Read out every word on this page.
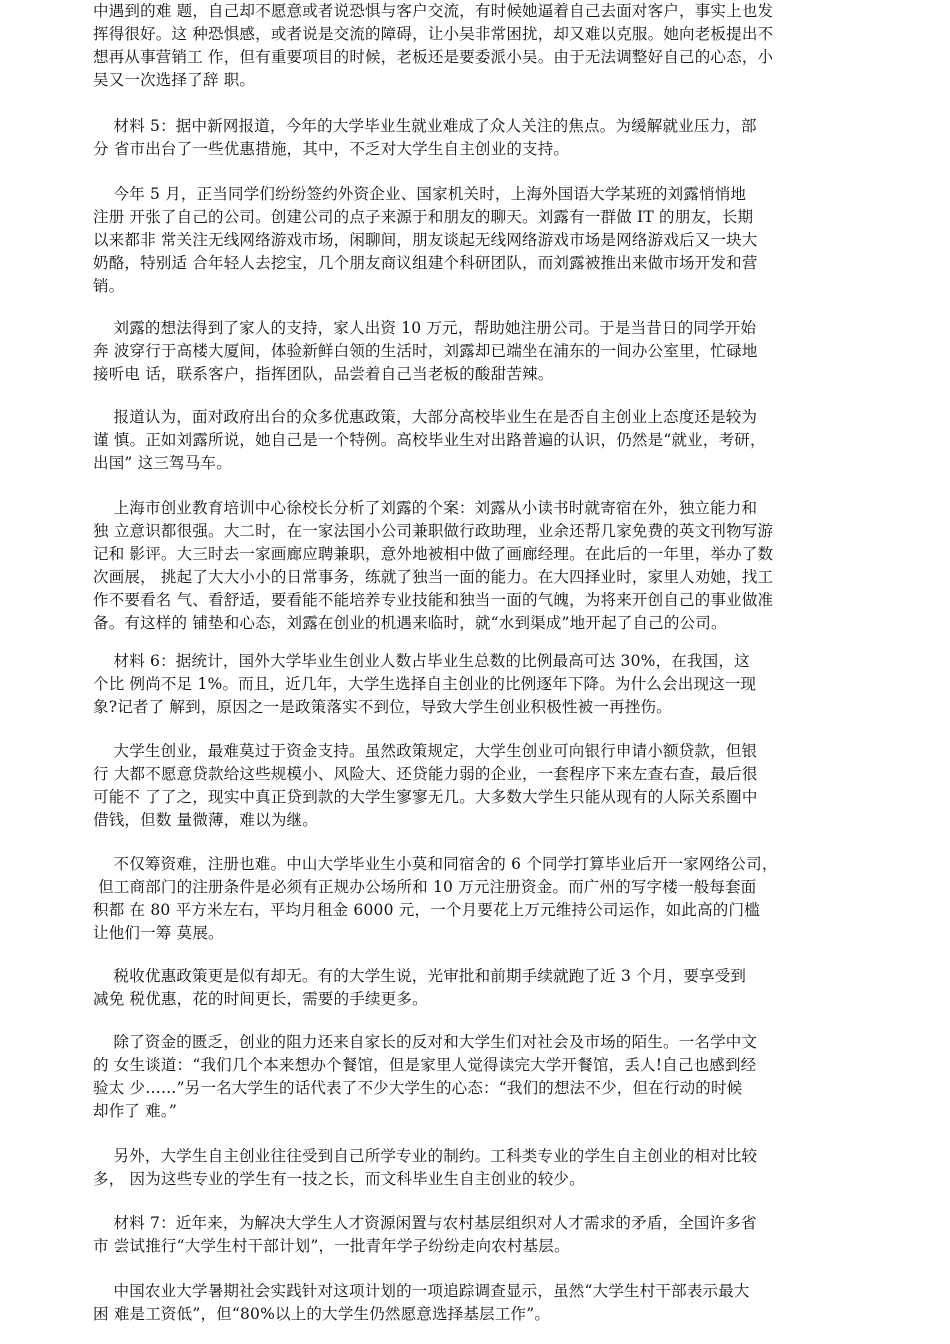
中遇到的难 题，自己却不愿意或者说恐惧与客户交流，有时候她逼着自己去面对客户，事实上也发
挥得很好。这 种恐惧感，或者说是交流的障碍，让小吴非常困扰，却又难以克服。她向老板提出不
想再从事营销工 作，但有重要项目的时候，老板还是要委派小吴。由于无法调整好自己的心态，小
吴又一次选择了辞 职。
材料 5：据中新网报道，今年的大学毕业生就业难成了众人关注的焦点。为缓解就业压力，部
分 省市出台了一些优惠措施，其中，不乏对大学生自主创业的支持。
今年 5 月，正当同学们纷纷签约外资企业、国家机关时，上海外国语大学某班的刘露悄悄地
注册 开张了自己的公司。创建公司的点子来源于和朋友的聊天。刘露有一群做 IT 的朋友，长期
以来都非 常关注无线网络游戏市场，闲聊间，朋友谈起无线网络游戏市场是网络游戏后又一块大
奶酪，特别适 合年轻人去挖宝，几个朋友商议组建个科研团队，而刘露被推出来做市场开发和营
销。
刘露的想法得到了家人的支持，家人出资 10 万元，帮助她注册公司。于是当昔日的同学开始
奔 波穿行于高楼大厦间，体验新鲜白领的生活时，刘露却已端坐在浦东的一间办公室里，忙碌地
接听电 话，联系客户，指挥团队，品尝着自己当老板的酸甜苦辣。
报道认为，面对政府出台的众多优惠政策，大部分高校毕业生在是否自主创业上态度还是较为
谨 慎。正如刘露所说，她自己是一个特例。高校毕业生对出路普遍的认识，仍然是“就业，考研，
出国” 这三驾马车。
上海市创业教育培训中心徐校长分析了刘露的个案：刘露从小读书时就寄宿在外，独立能力和
独 立意识都很强。大二时，在一家法国小公司兼职做行政助理，业余还帮几家免费的英文刊物写游
记和 影评。大三时去一家画廊应聘兼职，意外地被相中做了画廊经理。在此后的一年里，举办了数
次画展， 挑起了大大小小的日常事务，练就了独当一面的能力。在大四择业时，家里人劝她，找工
作不要看名 气、看舒适，要看能不能培养专业技能和独当一面的气魄，为将来开创自己的事业做准
备。有这样的 铺垫和心态，刘露在创业的机遇来临时，就“水到渠成”地开起了自己的公司。
材料 6：据统计，国外大学毕业生创业人数占毕业生总数的比例最高可达 30%，在我国，这
个比 例尚不足 1%。而且，近几年，大学生选择自主创业的比例逐年下降。为什么会出现这一现
象?记者了 解到，原因之一是政策落实不到位，导致大学生创业积极性被一再挫伤。
大学生创业，最难莫过于资金支持。虽然政策规定，大学生创业可向银行申请小额贷款，但银
行 大都不愿意贷款给这些规模小、风险大、还贷能力弱的企业，一套程序下来左查右查，最后很
可能不 了了之，现实中真正贷到款的大学生寥寥无几。大多数大学生只能从现有的人际关系圈中
借钱，但数 量微薄，难以为继。
不仅筹资难，注册也难。中山大学毕业生小莫和同宿舍的 6 个同学打算毕业后开一家网络公司，
但工商部门的注册条件是必须有正规办公场所和 10 万元注册资金。而广州的写字楼一般每套面
积都 在 80 平方米左右，平均月租金 6000 元，一个月要花上万元维持公司运作，如此高的门槛
让他们一筹 莫展。
税收优惠政策更是似有却无。有的大学生说，光审批和前期手续就跑了近 3 个月，要享受到
减免 税优惠，花的时间更长，需要的手续更多。
除了资金的匮乏，创业的阻力还来自家长的反对和大学生们对社会及市场的陌生。一名学中文
的 女生谈道：“我们几个本来想办个餐馆，但是家里人觉得读完大学开餐馆，丢人!自己也感到经
验太 少……”另一名大学生的话代表了不少大学生的心态：“我们的想法不少，但在行动的时候
却作了 难。”
另外，大学生自主创业往往受到自己所学专业的制约。工科类专业的学生自主创业的相对比较
多， 因为这些专业的学生有一技之长，而文科毕业生自主创业的较少。
材料 7：近年来，为解决大学生人才资源闲置与农村基层组织对人才需求的矛盾，全国许多省
市 尝试推行“大学生村干部计划”，一批青年学子纷纷走向农村基层。
中国农业大学暑期社会实践针对这项计划的一项追踪调查显示，虽然“大学生村干部表示最大
困 难是工资低”，但“80%以上的大学生仍然愿意选择基层工作”。
